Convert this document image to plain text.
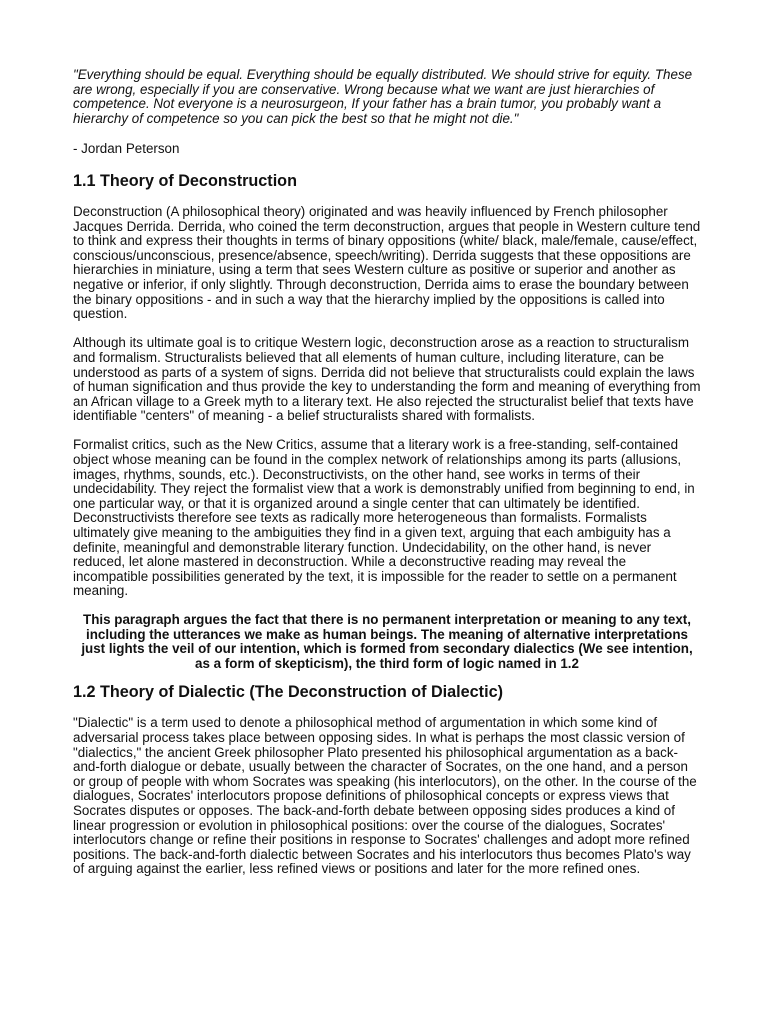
"Everything should be equal. Everything should be equally distributed. We should strive for equity. These are wrong, especially if you are conservative. Wrong because what we want are just hierarchies of competence. Not everyone is a neurosurgeon, If your father has a brain tumor, you probably want a hierarchy of competence so you can pick the best so that he might not die."

- Jordan Peterson

1.1 Theory of Deconstruction

Deconstruction (A philosophical theory) originated and was heavily influenced by French philosopher Jacques Derrida. Derrida, who coined the term deconstruction, argues that people in Western culture tend to think and express their thoughts in terms of binary oppositions (white/ black, male/female, cause/effect, conscious/unconscious, presence/absence, speech/writing). Derrida suggests that these oppositions are hierarchies in miniature, using a term that sees Western culture as positive or superior and another as negative or inferior, if only slightly. Through deconstruction, Derrida aims to erase the boundary between the binary oppositions - and in such a way that the hierarchy implied by the oppositions is called into question.

Although its ultimate goal is to critique Western logic, deconstruction arose as a reaction to structuralism and formalism. Structuralists believed that all elements of human culture, including literature, can be understood as parts of a system of signs. Derrida did not believe that structuralists could explain the laws of human signification and thus provide the key to understanding the form and meaning of everything from an African village to a Greek myth to a literary text. He also rejected the structuralist belief that texts have identifiable "centers" of meaning - a belief structuralists shared with formalists.

Formalist critics, such as the New Critics, assume that a literary work is a free-standing, self-contained object whose meaning can be found in the complex network of relationships among its parts (allusions, images, rhythms, sounds, etc.). Deconstructivists, on the other hand, see works in terms of their undecidability. They reject the formalist view that a work is demonstrably unified from beginning to end, in one particular way, or that it is organized around a single center that can ultimately be identified. Deconstructivists therefore see texts as radically more heterogeneous than formalists. Formalists ultimately give meaning to the ambiguities they find in a given text, arguing that each ambiguity has a definite, meaningful and demonstrable literary function. Undecidability, on the other hand, is never reduced, let alone mastered in deconstruction. While a deconstructive reading may reveal the incompatible possibilities generated by the text, it is impossible for the reader to settle on a permanent meaning.

This paragraph argues the fact that there is no permanent interpretation or meaning to any text, including the utterances we make as human beings. The meaning of alternative interpretations just lights the veil of our intention, which is formed from secondary dialectics (We see intention, as a form of skepticism), the third form of logic named in 1.2

1.2 Theory of Dialectic (The Deconstruction of Dialectic)

"Dialectic" is a term used to denote a philosophical method of argumentation in which some kind of adversarial process takes place between opposing sides. In what is perhaps the most classic version of "dialectics," the ancient Greek philosopher Plato presented his philosophical argumentation as a back-and-forth dialogue or debate, usually between the character of Socrates, on the one hand, and a person or group of people with whom Socrates was speaking (his interlocutors), on the other. In the course of the dialogues, Socrates' interlocutors propose definitions of philosophical concepts or express views that Socrates disputes or opposes. The back-and-forth debate between opposing sides produces a kind of linear progression or evolution in philosophical positions: over the course of the dialogues, Socrates' interlocutors change or refine their positions in response to Socrates' challenges and adopt more refined positions. The back-and-forth dialectic between Socrates and his interlocutors thus becomes Plato's way of arguing against the earlier, less refined views or positions and later for the more refined ones.
